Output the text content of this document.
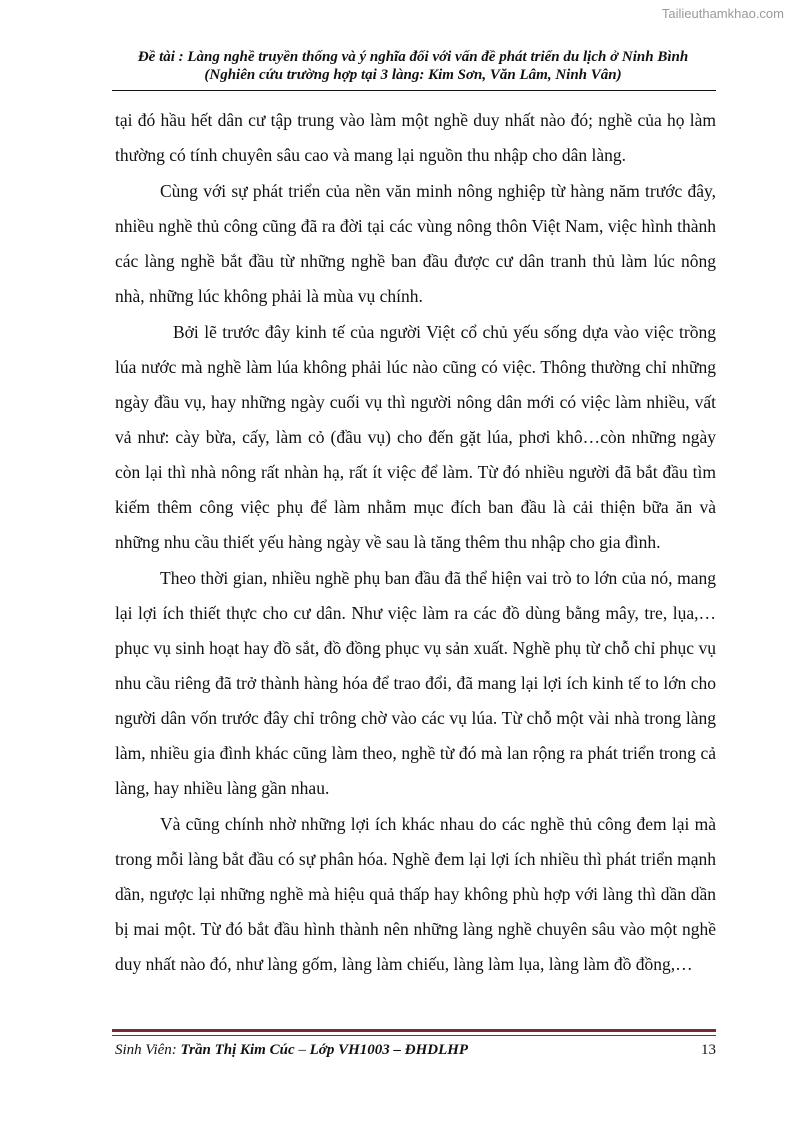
Tailieuthamkhao.com
Đề tài : Làng nghề truyền thống và ý nghĩa đối với vấn đề phát triển du lịch ở Ninh Bình
(Nghiên cứu trường hợp tại 3 làng: Kim Sơn, Văn Lâm, Ninh Vân)

tại đó hầu hết dân cư tập trung vào làm một nghề duy nhất nào đó; nghề của họ làm thường có tính chuyên sâu cao và mang lại nguồn thu nhập cho dân làng.

Cùng với sự phát triển của nền văn minh nông nghiệp từ hàng năm trước đây, nhiều nghề thủ công cũng đã ra đời tại các vùng nông thôn Việt Nam, việc hình thành các làng nghề bắt đầu từ những nghề ban đầu được cư dân tranh thủ làm lúc nông nhà, những lúc không phải là mùa vụ chính.

Bởi lẽ trước đây kinh tế của người Việt cổ chủ yếu sống dựa vào việc trồng lúa nước mà nghề làm lúa không phải lúc nào cũng có việc. Thông thường chỉ những ngày đầu vụ, hay những ngày cuối vụ thì người nông dân mới có việc làm nhiều, vất vả như: cày bừa, cấy, làm cỏ (đầu vụ) cho đến gặt lúa, phơi khô…còn những ngày còn lại thì nhà nông rất nhàn hạ, rất ít việc để làm. Từ đó nhiều người đã bắt đầu tìm kiếm thêm công việc phụ để làm nhằm mục đích ban đầu là cải thiện bữa ăn và những nhu cầu thiết yếu hàng ngày về sau là tăng thêm thu nhập cho gia đình.

Theo thời gian, nhiều nghề phụ ban đầu đã thể hiện vai trò to lớn của nó, mang lại lợi ích thiết thực cho cư dân. Như việc làm ra các đồ dùng bằng mây, tre, lụa,…phục vụ sinh hoạt hay đồ sắt, đồ đồng phục vụ sản xuất. Nghề phụ từ chỗ chỉ phục vụ nhu cầu riêng đã trở thành hàng hóa để trao đổi, đã mang lại lợi ích kinh tế to lớn cho người dân vốn trước đây chỉ trông chờ vào các vụ lúa. Từ chỗ một vài nhà trong làng làm, nhiều gia đình khác cũng làm theo, nghề từ đó mà lan rộng ra phát triển trong cả làng, hay nhiều làng gần nhau.

Và cũng chính nhờ những lợi ích khác nhau do các nghề thủ công đem lại mà trong mỗi làng bắt đầu có sự phân hóa. Nghề đem lại lợi ích nhiều thì phát triển mạnh dần, ngược lại những nghề mà hiệu quả thấp hay không phù hợp với làng thì dần dần bị mai một. Từ đó bắt đầu hình thành nên những làng nghề chuyên sâu vào một nghề duy nhất nào đó, như làng gốm, làng làm chiếu, làng làm lụa, làng làm đồ đồng,…

Sinh Viên: Trần Thị Kim Cúc – Lớp VH1003 – ĐHDLHP	13
